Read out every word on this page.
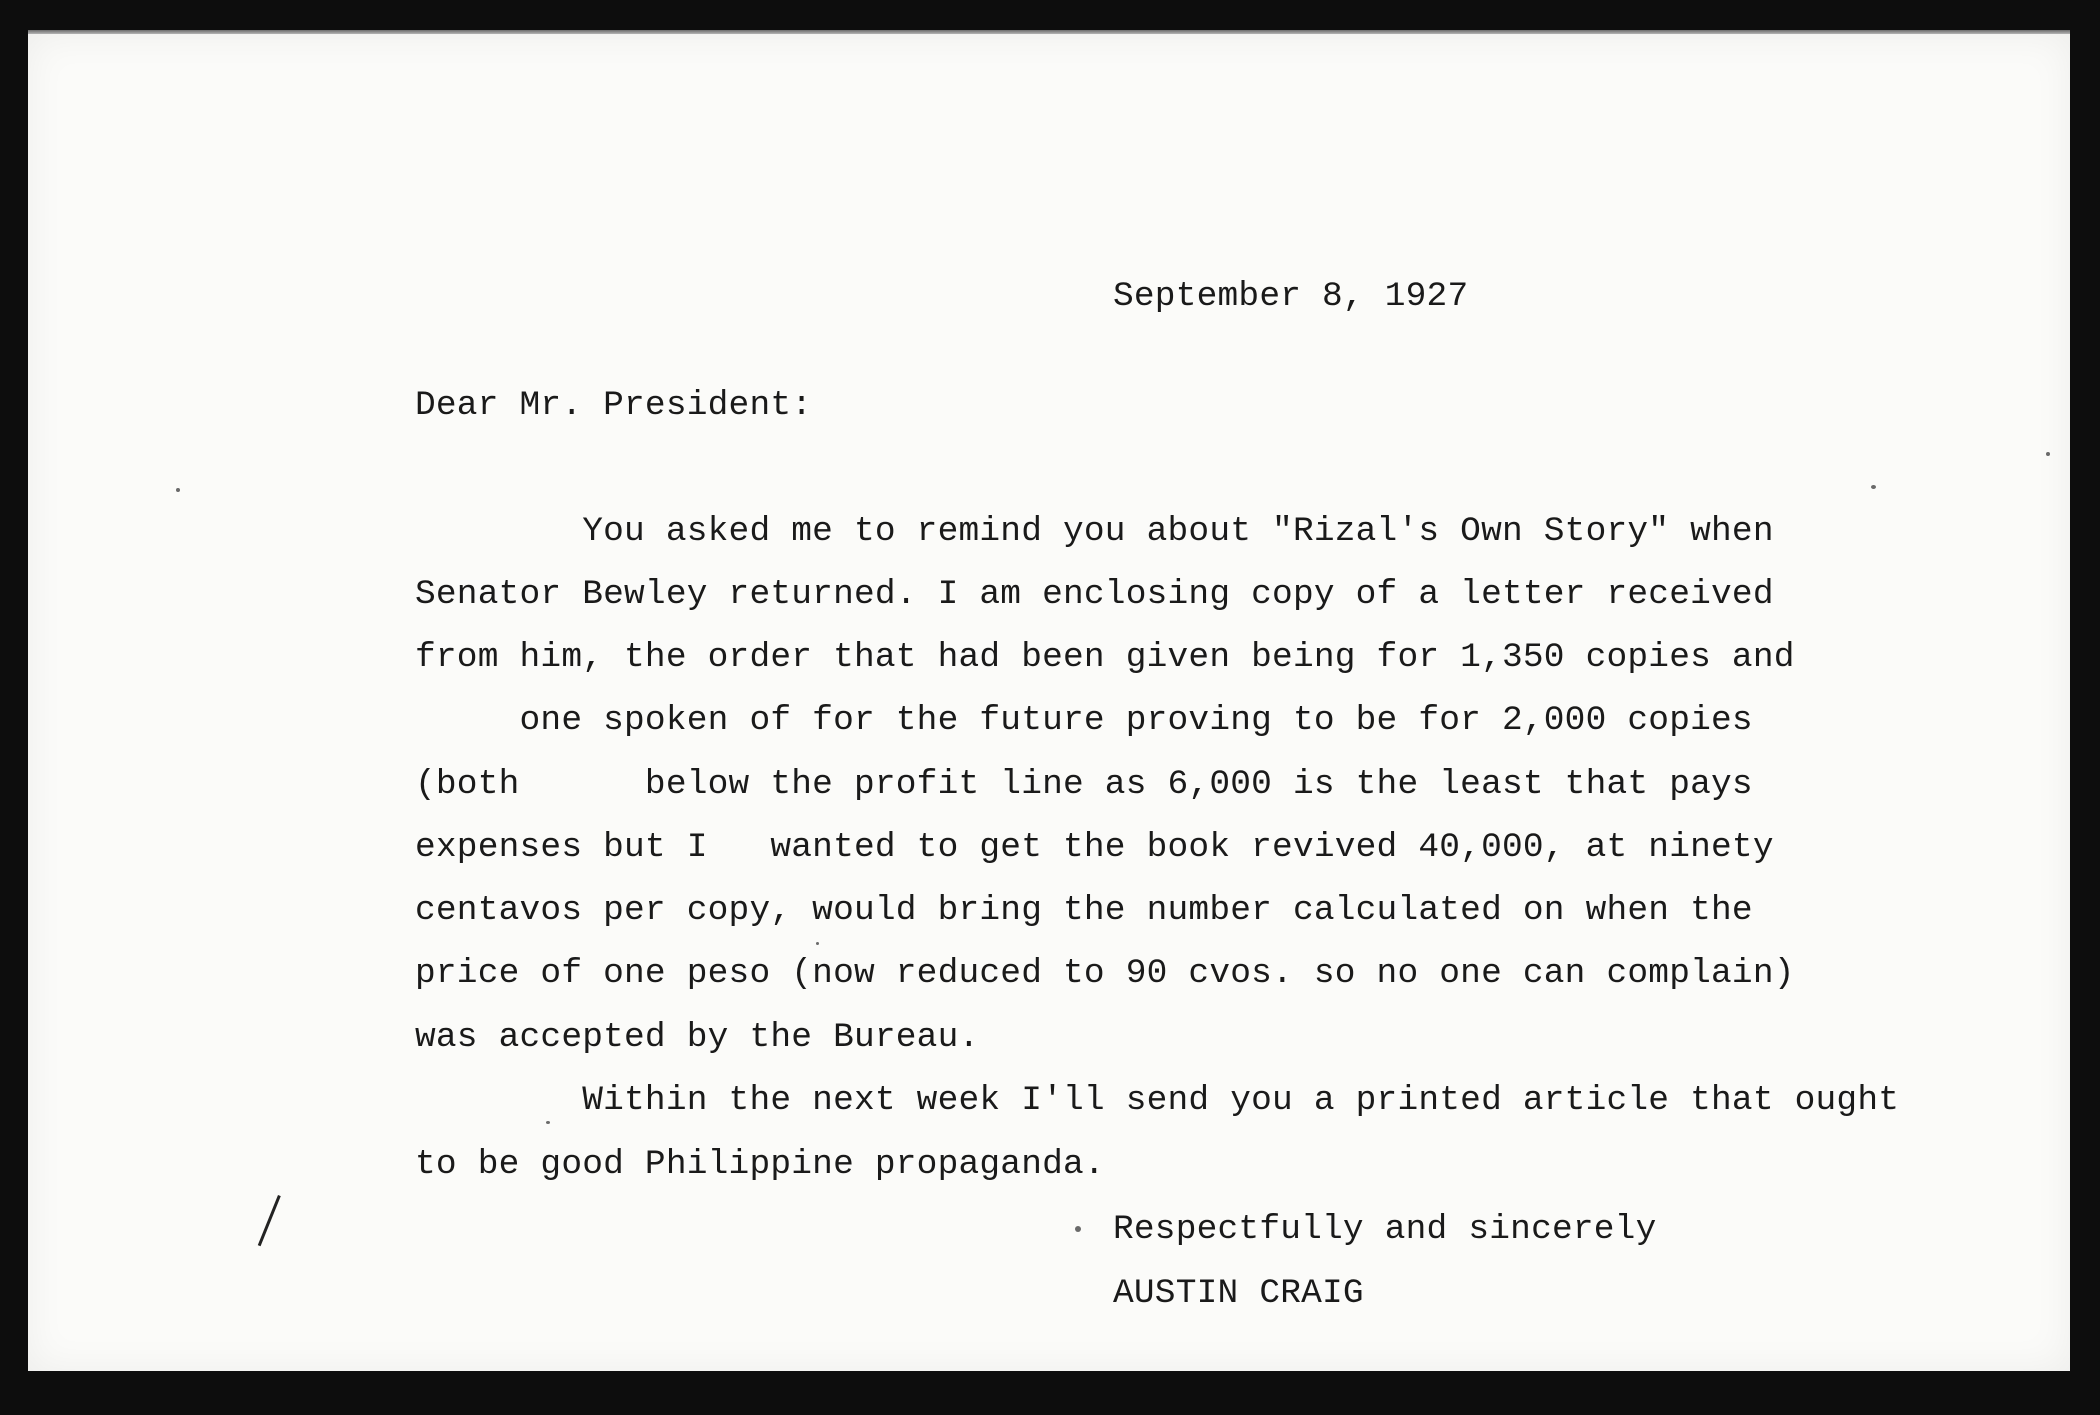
September 8, 1927
Dear Mr. President:
You asked me to remind you about "Rizal's Own Story" when
Senator Bewley returned. I am enclosing copy of a letter received
from him, the order that had been given being for 1,350 copies and
one spoken of for the future proving to be for 2,000 copies
(both      below the profit line as 6,000 is the least that pays
expenses but I   wanted to get the book revived 40,000, at ninety
centavos per copy, would bring the number calculated on when the
price of one peso (now reduced to 90 cvos. so no one can complain)
was accepted by the Bureau.
Within the next week I'll send you a printed article that ought
to be good Philippine propaganda.
Respectfully and sincerely
AUSTIN CRAIG
